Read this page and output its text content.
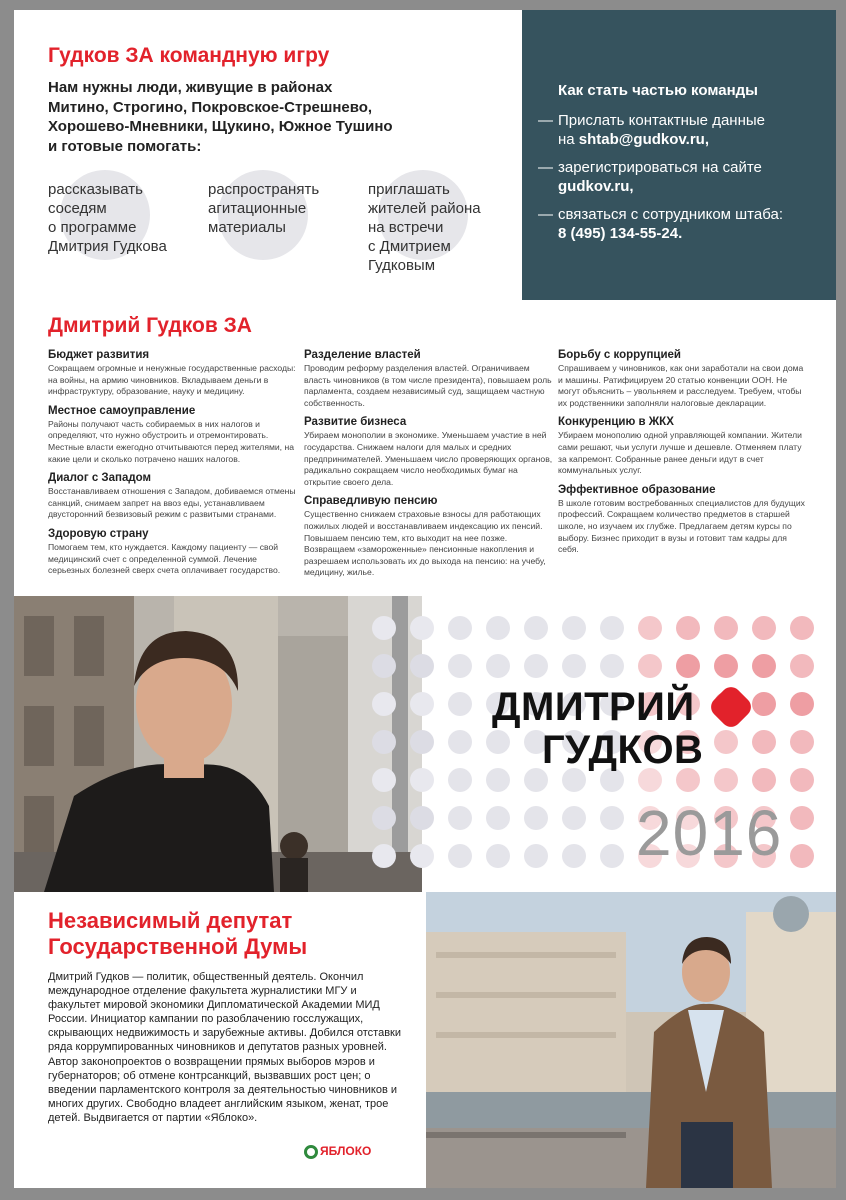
Гудков ЗА командную игру
Нам нужны люди, живущие в районах
Митино, Строгино, Покровское-Стрешнево,
Хорошево-Мневники, Щукино, Южное Тушино
и готовые помогать:
рассказывать
соседям
о программе
Дмитрия Гудкова
распространять
агитационные
материалы
приглашать
жителей района
на встречи
с Дмитрием
Гудковым
Как стать частью команды
— Прислать контактные данные
на shtab@gudkov.ru,
— зарегистрироваться на сайте
gudkov.ru,
— связаться с сотрудником штаба:
8 (495) 134-55-24.
Дмитрий Гудков ЗА
Бюджет развития

Сокращаем огромные и ненужные государственные расходы: на войны, на армию чиновников. Вкладываем деньги в инфраструктуру, образование, науку и медицину.

Местное самоуправление

Районы получают часть собираемых в них налогов и определяют, что нужно обустроить и отремонтировать. Местные власти ежегодно отчитываются перед жителями, на какие цели и сколько потрачено наших налогов.

Диалог с Западом

Восстанавливаем отношения с Западом, добиваемся отмены санкций, снимаем запрет на ввоз еды, устанавливаем двусторонний безвизовый режим с развитыми странами.

Здоровую страну

Помогаем тем, кто нуждается. Каждому пациенту — свой медицинский счет с определенной суммой. Лечение серьезных болезней сверх счета оплачивает государство.

Разделение властей

Проводим реформу разделения властей. Ограничиваем власть чиновников (в том числе президента), повышаем роль парламента, создаем независимый суд, защищаем частную собственность.

Развитие бизнеса

Убираем монополии в экономике. Уменьшаем участие в ней государства. Снижаем налоги для малых и средних предпринимателей. Уменьшаем число проверяющих органов, радикально сокращаем число необходимых бумаг на открытие своего дела.

Справедливую пенсию

Существенно снижаем страховые взносы для работающих пожилых людей и восстанавливаем индексацию их пенсий. Повышаем пенсию тем, кто выходит на нее позже. Возвращаем «замороженные» пенсионные накопления и разрешаем использовать их до выхода на пенсию: на учебу, медицину, жилье.

Борьбу с коррупцией

Спрашиваем у чиновников, как они заработали на свои дома и машины. Ратифицируем 20 статью конвенции ООН. Не могут объяснить – увольняем и расследуем. Требуем, чтобы их родственники заполняли налоговые декларации.

Конкуренцию в ЖКХ

Убираем монополию одной управляющей компании. Жители сами решают, чьи услуги лучше и дешевле. Отменяем плату за капремонт. Собранные ранее деньги идут в счет коммунальных услуг.

Эффективное образование

В школе готовим востребованных специалистов для будущих профессий. Сокращаем количество предметов в старшей школе, но изучаем их глубже. Предлагаем детям курсы по выбору. Бизнес приходит в вузы и готовит там кадры для себя.

ДМИТРИЙ
ГУДКОВ
2016
Независимый депутат
Государственной Думы
Дмитрий Гудков — политик, общественный деятель. Окончил международное отделение факультета журналистики МГУ и факультет мировой экономики Дипломатической Академии МИД России. Инициатор кампании по разоблачению госслужащих, скрывающих недвижимость и зарубежные активы. Добился отставки ряда коррумпированных чиновников и депутатов разных уровней. Автор законопроектов о возвращении прямых выборов мэров и губернаторов; об отмене контрсанкций, вызвавших рост цен; о введении парламентского контроля за деятельностью чиновников и многих других. Свободно владеет английским языком, женат, трое детей. Выдвигается от партии «Яблоко».
ЯБЛОКО
